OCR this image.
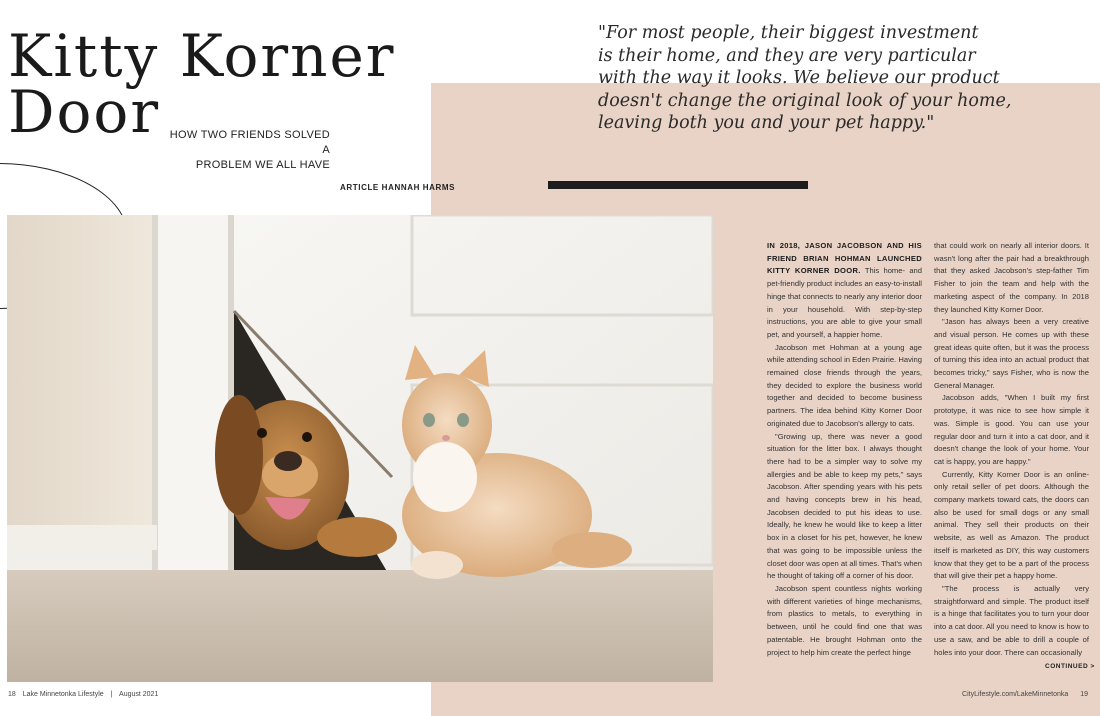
Kitty Korner
Door HOW TWO FRIENDS SOLVED A
PROBLEM WE ALL HAVE
ARTICLE HANNAH HARMS
"For most people, their biggest investment
is their home, and they are very particular
with the way it looks. We believe our product
doesn't change the original look of your home,
leaving both you and your pet happy."

IN 2018, JASON JACOBSON AND HIS FRIEND BRIAN HOHMAN LAUNCHED KITTY KORNER DOOR. This home- and pet-friendly product includes an easy-to-install hinge that connects to nearly any interior door in your household. With step-by-step instructions, you are able to give your small pet, and yourself, a happier home.

Jacobson met Hohman at a young age while attending school in Eden Prairie. Having remained close friends through the years, they decided to explore the business world together and decided to become business partners. The idea behind Kitty Korner Door originated due to Jacobson's allergy to cats.

"Growing up, there was never a good situation for the litter box. I always thought there had to be a simpler way to solve my allergies and be able to keep my pets," says Jacobson. After spending years with his pets and having concepts brew in his head, Jacobsen decided to put his ideas to use. Ideally, he knew he would like to keep a litter box in a closet for his pet, however, he knew that was going to be impossible unless the closet door was open at all times. That's when he thought of taking off a corner of his door.

Jacobson spent countless nights working with different varieties of hinge mechanisms, from plastics to metals, to everything in between, until he could find one that was patentable. He brought Hohman onto the project to help him create the perfect hinge

that could work on nearly all interior doors. It wasn't long after the pair had a breakthrough that they asked Jacobson's step-father Tim Fisher to join the team and help with the marketing aspect of the company. In 2018 they launched Kitty Korner Door.

"Jason has always been a very creative and visual person. He comes up with these great ideas quite often, but it was the process of turning this idea into an actual product that becomes tricky," says Fisher, who is now the General Manager.

Jacobson adds, "When I built my first prototype, it was nice to see how simple it was. Simple is good. You can use your regular door and turn it into a cat door, and it doesn't change the look of your home. Your cat is happy, you are happy."

Currently, Kitty Korner Door is an online-only retail seller of pet doors. Although the company markets toward cats, the doors can also be used for small dogs or any small animal. They sell their products on their website, as well as Amazon. The product itself is marketed as DIY, this way customers know that they get to be a part of the process that will give their pet a happy home.

"The process is actually very straightforward and simple. The product itself is a hinge that facilitates you to turn your door into a cat door. All you need to know is how to use a saw, and be able to drill a couple of holes into your door. There can occasionally

CONTINUED >
18 Lake Minnetonka Lifestyle | August 2021	CityLifestyle.com/LakeMinnetonka 19
